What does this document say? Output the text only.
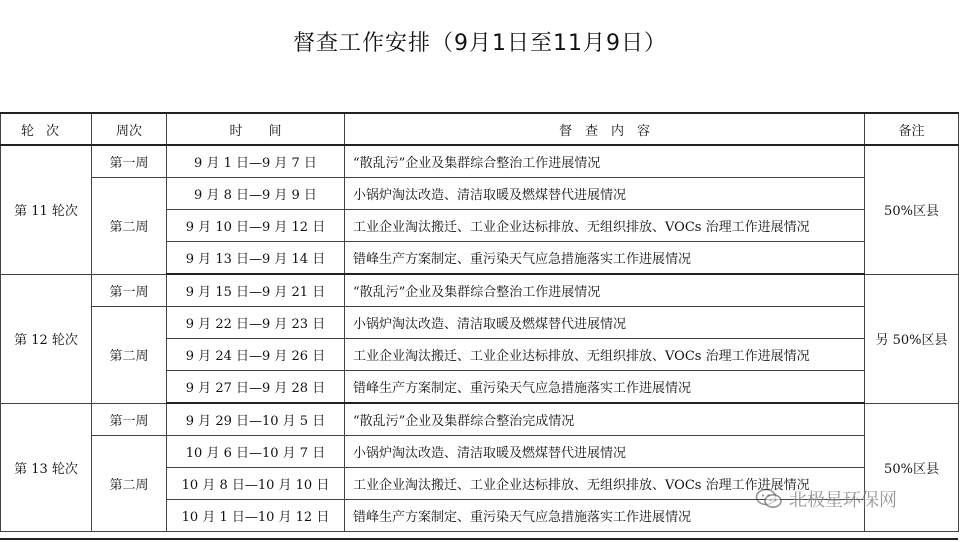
督查工作安排（9月1日至11月9日）
轮次	周次	时　　间	督　查　内　容	备注
第 11 轮次	第一周	9 月 1 日—9 月 7 日	“散乱污”企业及集群综合整治工作进展情况	50%区县
	第二周	9 月 8 日—9 月 9 日	小锅炉淘汰改造、清洁取暖及燃煤替代进展情况	
		9 月 10 日—9 月 12 日	工业企业淘汰搬迁、工业企业达标排放、无组织排放、VOCs 治理工作进展情况	
		9 月 13 日—9 月 14 日	错峰生产方案制定、重污染天气应急措施落实工作进展情况	
第 12 轮次	第一周	9 月 15 日—9 月 21 日	“散乱污”企业及集群综合整治工作进展情况	另 50%区县
	第二周	9 月 22 日—9 月 23 日	小锅炉淘汰改造、清洁取暖及燃煤替代进展情况	
		9 月 24 日—9 月 26 日	工业企业淘汰搬迁、工业企业达标排放、无组织排放、VOCs 治理工作进展情况	
		9 月 27 日—9 月 28 日	错峰生产方案制定、重污染天气应急措施落实工作进展情况	
第 13 轮次	第一周	9 月 29 日—10 月 5 日	“散乱污”企业及集群综合整治完成情况	50%区县
	第二周	10 月 6 日—10 月 7 日	小锅炉淘汰改造、清洁取暖及燃煤替代进展情况	
		10 月 8 日—10 月 10 日	工业企业淘汰搬迁、工业企业达标排放、无组织排放、VOCs 治理工作进展情况	
		10 月 1 日—10 月 12 日	错峰生产方案制定、重污染天气应急措施落实工作进展情况	
北极星环保网
